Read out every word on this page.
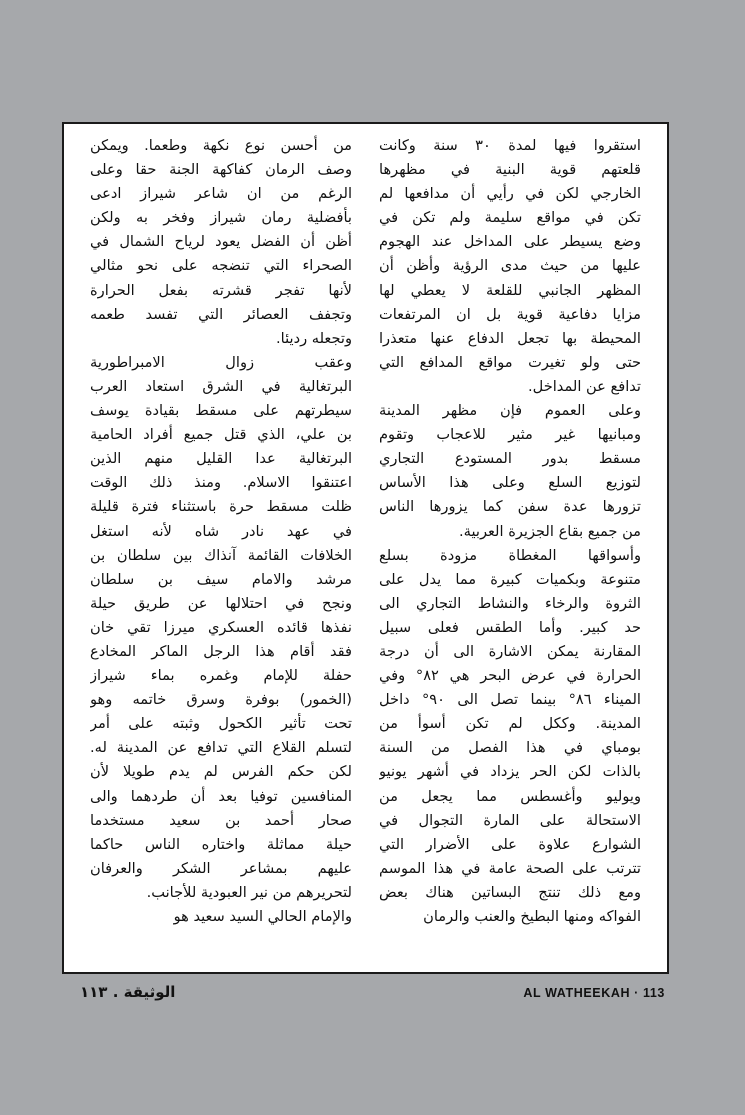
استقروا فيها لمدة ٣٠ سنة وكانت
قلعتهم قوية البنية في مظهرها
الخارجي لكن في رأيي أن مدافعها لم
تكن في مواقع سليمة ولم تكن في
وضع يسيطر على المداخل عند الهجوم
عليها من حيث مدى الرؤية وأظن أن
المظهر الجانبي للقلعة لا يعطي لها
مزايا دفاعية قوية بل ان المرتفعات
المحيطة بها تجعل الدفاع عنها متعذرا
حتى ولو تغيرت مواقع المدافع التي
تدافع عن المداخل.
وعلى العموم فإن مظهر المدينة
ومبانيها غير مثير للاعجاب وتقوم
مسقط بدور المستودع التجاري
لتوزيع السلع وعلى هذا الأساس
تزورها عدة سفن كما يزورها الناس
من جميع بقاع الجزيرة العربية.
وأسواقها المغطاة مزودة بسلع
متنوعة وبكميات كبيرة مما يدل على
الثروة والرخاء والنشاط التجاري الى
حد كبير. وأما الطقس فعلى سبيل
المقارنة يمكن الاشارة الى أن درجة
الحرارة في عرض البحر هي ٨٢° وفي
الميناء ٨٦° بينما تصل الى ٩٠° داخل
المدينة. وككل لم تكن أسوأ من
بومباي في هذا الفصل من السنة
بالذات لكن الحر يزداد في أشهر يونيو
ويوليو وأغسطس مما يجعل من
الاستحالة على المارة التجوال في
الشوارع علاوة على الأضرار التي
تترتب على الصحة عامة في هذا الموسم
ومع ذلك تنتج البساتين هناك بعض
الفواكه ومنها البطيخ والعنب والرمان
من أحسن نوع نكهة وطعما. ويمكن
وصف الرمان كفاكهة الجنة حقا وعلى
الرغم من ان شاعر شيراز ادعى
بأفضلية رمان شيراز وفخر به ولكن
أظن أن الفضل يعود لرياح الشمال في
الصحراء التي تنضجه على نحو مثالي
لأنها تفجر قشرته بفعل الحرارة
وتجفف العصائر التي تفسد طعمه
وتجعله رديئا.
وعقب زوال الامبراطورية
البرتغالية في الشرق استعاد العرب
سيطرتهم على مسقط بقيادة يوسف
بن علي، الذي قتل جميع أفراد الحامية
البرتغالية عدا القليل منهم الذين
اعتنقوا الاسلام. ومنذ ذلك الوقت
ظلت مسقط حرة باستثناء فترة قليلة
في عهد نادر شاه لأنه استغل
الخلافات القائمة آنذاك بين سلطان بن
مرشد والامام سيف بن سلطان
ونجح في احتلالها عن طريق حيلة
نفذها قائده العسكري ميرزا تقي خان
فقد أقام هذا الرجل الماكر المخادع
حفلة للإمام وغمره بماء شيراز
(الخمور) بوفرة وسرق خاتمه وهو
تحت تأثير الكحول وثبته على أمر
لتسلم القلاع التي تدافع عن المدينة له.
لكن حكم الفرس لم يدم طويلا لأن
المنافسين توفيا بعد أن طردهما والى
صحار أحمد بن سعيد مستخدما
حيلة مماثلة واختاره الناس حاكما
عليهم بمشاعر الشكر والعرفان
لتحريرهم من نير العبودية للأجانب.
والإمام الحالي السيد سعيد هو
الوثيقة . ١١٣	AL WATHEEKAH · 113
